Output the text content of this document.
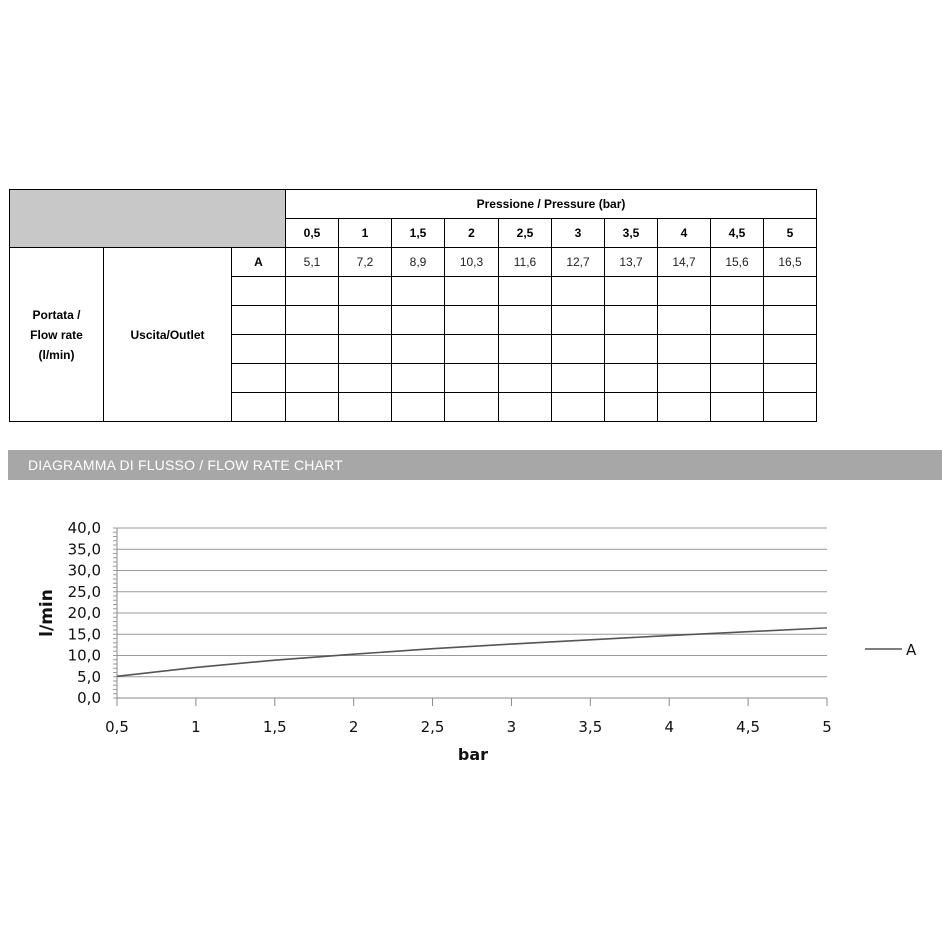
			Pressione / Pressure (bar)									
			0,5	1	1,5	2	2,5	3	3,5	4	4,5	5

Portata /
Flow rate
(l/min)	Uscita/Outlet	A	5,1	7,2	8,9	10,3	11,6	12,7	13,7	14,7	15,6	16,5

DIAGRAMMA DI FLUSSO / FLOW RATE CHART
0,0
5,0
10,0
15,0
20,0
25,0
30,0
35,0
40,0
0,5	1	1,5	2	2,5	3	3,5	4	4,5	5
bar
l/min
A
